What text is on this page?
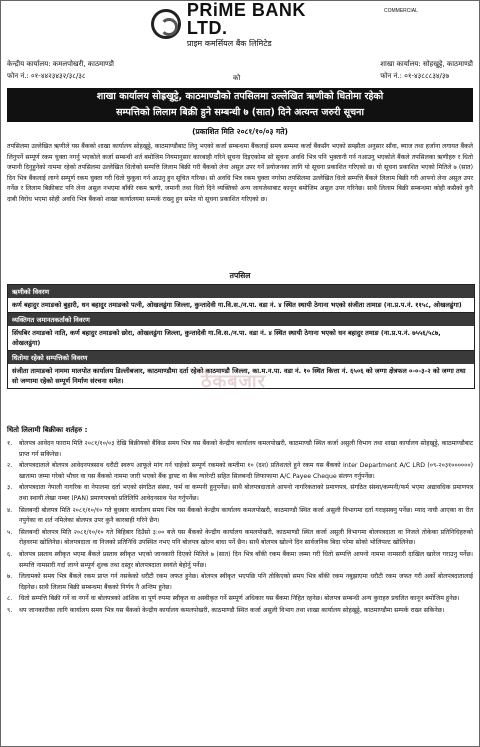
PRiME BANK LTD.
प्राइम कमर्सियल बैंक लिमिटेड
COMMERCIAL
केन्द्रीय कार्यालय: कमलपोखरी, काठमाण्डौ
फोन नं.: ०१-४४२३४३२/३८/३८	को
शाखा कार्यालय: सोहखुट्टे, काठमाण्डौ
फोन नं.: ०१-४३८८८३४/३७
शाखा कार्यालय सोह्रखुट्टे, काठमाण्डौको तपसिलमा उल्लेखित ऋणीको धितोमा रहेको
सम्पत्तिको लिलाम बिक्री हुने सम्बन्धी ७ (सात) दिने अत्यन्त जरुरी सूचना
(प्रकाशित मिति २०८१/१०/०३ गते)
तपसिलमा उल्लेखित ऋणीले यस बैंकको शाखा कार्यालय सोहखुट्टे, काठमाण्डौबाट लिनु भएको कर्जा सम्बन्धमा बैंकलाई समय सम्ममा कर्जा बैंकसँग भएको सम्झौता अनुसार साँवा, ब्याज तथा हर्जाना लगायत बैंकले लिनुपर्ने सम्पूर्ण रकम चुक्ता नगर्नु भएकोले कर्जा सम्बन्धी शर्त बमोजिम नियमानुसार कारबाही गरिने सूचना दिइएकोमा सो सूचना अवधि भित्र पनि भुक्तानी गर्न नआउनु भएकोले बैंकले तपसिलका ऋणीहरु र धितो जमानी दिनुहुनेको नाममा रहेको तपसिलमा उल्लेखित धितोको सम्पत्ति लिलाम बिक्री गरी बैंकको लेना असुल उपर गर्ने प्रयोजनका लागि यो सूचना प्रकाशित गरिएको छ। यो सूचना प्रकाशित भएको मितिले ७ (सात) दिन भित्र बैंकलाई लाग्ने सम्पूर्ण रकम चुक्ता गरी धितो फुकुवा गर्न आउनु हुन सूचित गरिन्छ। सो अवधि भित्र रकम चुक्ता नगरेमा तपसिलमा उल्लेखित धितो सम्पत्ति बैंकले लिलाम बिक्री गरी आफ्नो लेना असुल उपर गर्नेछ र लिलाम बिक्रीबाट पनि लेना असुल नभएमा बाँकी रकम ऋणी, जमानी तथा धितो दिने व्यक्तिको अन्य जायजेथाबाट कानून बमोजिम असुल उपर गरिनेछ। साथै लिलाम बिक्री सम्बन्धमा कोही कसैको कुनै दाबी विरोध भएमा सोही अवधि भित्र बैंकको शाखा कार्यालयमा सम्पर्क राख्नु हुन समेत यो सूचना प्रकाशित गरिएको छ।
तपसिल
ऋणीको विवरण
कर्ण बहादुर तमाङको बुहारी, धन बहादुर तमाङको पत्नी, ओखलढुंगा जिल्ला, कुन्तादेवी गा.वि.स./न.पा. वडा नं. ४ स्थित स्थायी ठेगाना भएको संजीता तामाङ (ना.प्र.प.नं. ११५८, ओखलढुंगा)
व्यक्तिगत जमानतकर्ताको विवरण
सिंघबिर तमाङको नाति, कर्ण बहादुर तमाङको छोरा, ओखलढुंगा जिल्ला, कुन्तादेवी गा.वि.स./न.पा. वडा नं. ४ स्थित स्थायी ठेगाना भएको धन बहादुर तमाङ (ना.प्र.प.नं. ७५५६/५८७, ओखलढुंगा)
धितोमा रहेको सम्पत्तिको विवरण
संजीता तामाङको नाममा मालपोत कार्यालय डिल्लीबजार, काठमाण्डौमा दर्ता रहेको काठमाण्डौ जिल्ला, का.म.न.पा. वडा नं. १० स्थित कित्ता नं. ६५०६ को जग्गा क्षेत्रफल ०-०-३-२ को जग्गा तथा सो जग्गामा रहेको सम्पूर्ण निर्माण संरचना समेत।	ठेकबजार
धितो लिलामी बिक्रीका शर्तहरु :
१.	बोलपत्र आवेदन फाराम मिति २०८१/१०/०३ देखि बिक्रीयको बैंकिङ समय भित्र यस बैंकको केन्द्रीय कार्यालय कमलपोखरी, काठमाण्डौ स्थित कर्जा असुली विभाग तथा शाखा कार्यालय सोहखुट्टे, काठमाण्डौबाट प्राप्त गर्न सकिनेछ।
२.	बोलपत्रदाताले बोलपत्र आवेदनपत्रसाथ धरौटी स्वरुप आफूले मांग गर्न चाहेको सम्पूर्ण रकमको कम्तीमा १० (दश) प्रतिशतले हुने रकम यस बैंकको Inter Department A/C LRD (०९-२०३१००००००) खातामा जम्मा गरेको भौचर वा यस बैंकको नाममा जारी भएको बैंक ड्राफ्ट वा बैंक ग्यारेन्टी सहित सिलबन्दी लिफाफामा A/C Payee Cheque संलग्न गर्नुपर्नेछ।
३.	बोलपत्रदाता नेपाली नागरिक वा नेपालमा दर्ता भएको संगठित संस्था, फर्म वा कम्पनी हुनुपर्नेछ। साथै बोलपत्रदाताले आफ्नो नागरिकताको प्रमाणपत्र, संगठित संस्था/कम्पनी/फर्म भएमा अद्यावधिक प्रमाणपत्र तथा स्थायी लेखा नम्बर (PAN) प्रमाणपत्रको प्रतिलिपि आवेदनसाथ पेश गर्नुपर्नेछ।
४.	सिलबन्दी बोलपत्र मिति २०८१/१०/१० गते बुधबार कार्यालय समय भित्र यस बैंकको केन्द्रीय कार्यालय कमलपोखरी, काठमाण्डौ स्थित कर्जा असुली विभागमा दर्ता गराइसक्नु पर्नेछ। म्याद नाघी आएका वा रीत नपुगेका वा शर्त नमिलेका बोलपत्र उपर कुनै कारबाही गरिने छैन।
५.	सिलबन्दी बोलपत्र मिति २०८१/१०/१० गते बिहिबार दिउँसो ३:०० बजे यस बैंकको केन्द्रीय कार्यालय कमलपोखरी, काठमाण्डौ स्थित कर्जा असुली विभागमा बोलपत्रदाता वा निजले तोकेका प्रतिनिधिहरुको रोहवरमा खोलिनेछ। बोलपत्रदाता वा निजको प्रतिनिधि उपस्थित नभए पनि बोलपत्र खोल्न बाधा पर्ने छैन। साथै बोलपत्र खोल्ने दिन सार्वजनिक बिदा परेमा सोको भोलिपल्ट खोलिनेछ।
६.	बोलपत्र प्रस्ताव स्वीकृत भएमा बैंकले प्रस्ताव स्वीकृत भएको जानकारी दिएको मितिले ७ (सात) दिन भित्र बाँकी रकम बैंकमा जम्मा गरी धितो सम्पत्ति आफ्नो नाममा नामसारी दाखिल खारेज गराउनु पर्नेछ। सम्पत्ति नामसारी गर्दा लाग्ने सम्पूर्ण शुल्क तथा दस्तुर बोलपत्रदाता स्वयंले बेहोर्नु पर्नेछ।
७.	लिलामको समय भित्र बैंकले रकम प्राप्त गर्न नसकेको धरौटी रकम जफत हुनेछ। बोलपत्र स्वीकृत भएपछि पनि तोकिएको समय भित्र बाँकी रकम नबुझाएमा धरौटी रकम जफत गरी अर्को बोलपत्रदातालाई दिइनेछ। साथै लिलाम बिक्री सम्बन्धमा बैंकको निर्णय नै अन्तिम हुनेछ।
८.	धितो सम्पत्ति बिक्री गर्ने वा नगर्ने वा बोलपत्रको आंशिक वा पूर्ण रुपमा स्वीकृत वा अस्वीकृत गर्ने सम्पूर्ण अधिकार यस बैंकमा निहित रहनेछ। बोलपत्र सम्बन्धी अन्य कुराहरु प्रचलित कानून बमोजिम हुनेछ।
९.	थप जानकारीका लागि कार्यालय समय भित्र यस बैंकको केन्द्रीय कार्यालय कमलपोखरी, काठमाण्डौ स्थित कर्जा असुली विभाग तथा शाखा कार्यालय सोहखुट्टे, काठमाण्डौमा सम्पर्क राख्न सकिनेछ।
